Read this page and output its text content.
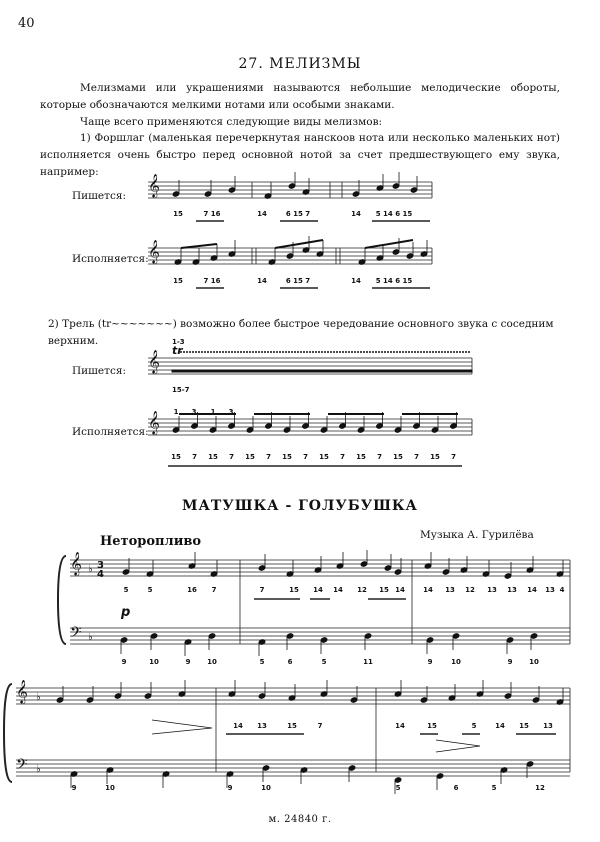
40
27. МЕЛИЗМЫ
Мелизмами или украшениями называются небольшие мелодические обороты, которые обозначаются мелкими нотами или особыми знаками.
Чаще всего применяются следующие виды мелизмов:
1) Форшлаг (маленькая перечеркнутая нанскоов нота или несколько маленьких нот) исполняется очень быстро перед основной нотой за счет предшествующего ему звука, например:
Пишется:
Исполняется:
2) Трель (tr~~~~~~~) возможно более быстрое чередование основного звука с соседним верхним.
Пишется:
Исполняется:
МАТУШКА - ГОЛУБУШКА
Музыка А. Гурилёва
Неторопливо
м. 24840 г.
𝄞
15	7 16	14	6 15 7	14 5 14 6 15
𝄞
15	7 16	14	6 15 7	14 5 14 6 15
𝄞 tr
1-3
15-7
𝄞 1 3 1 3
15 7 15 7 15 7 15 7 15 7 15 7 15 7 15 7
𝄞
𝄢
♭
♭
3
4
p
5	5	16 7	7	15 14 14 12 15 14	14 13 12 13 13 14 13 4
9	10	9 10	5	6	5	11	9	10	9 10
𝄞
𝄢
♭
♭
14 13	15	7	14	15	5	14 15 13
9	10	9	10	5	6	5	12
